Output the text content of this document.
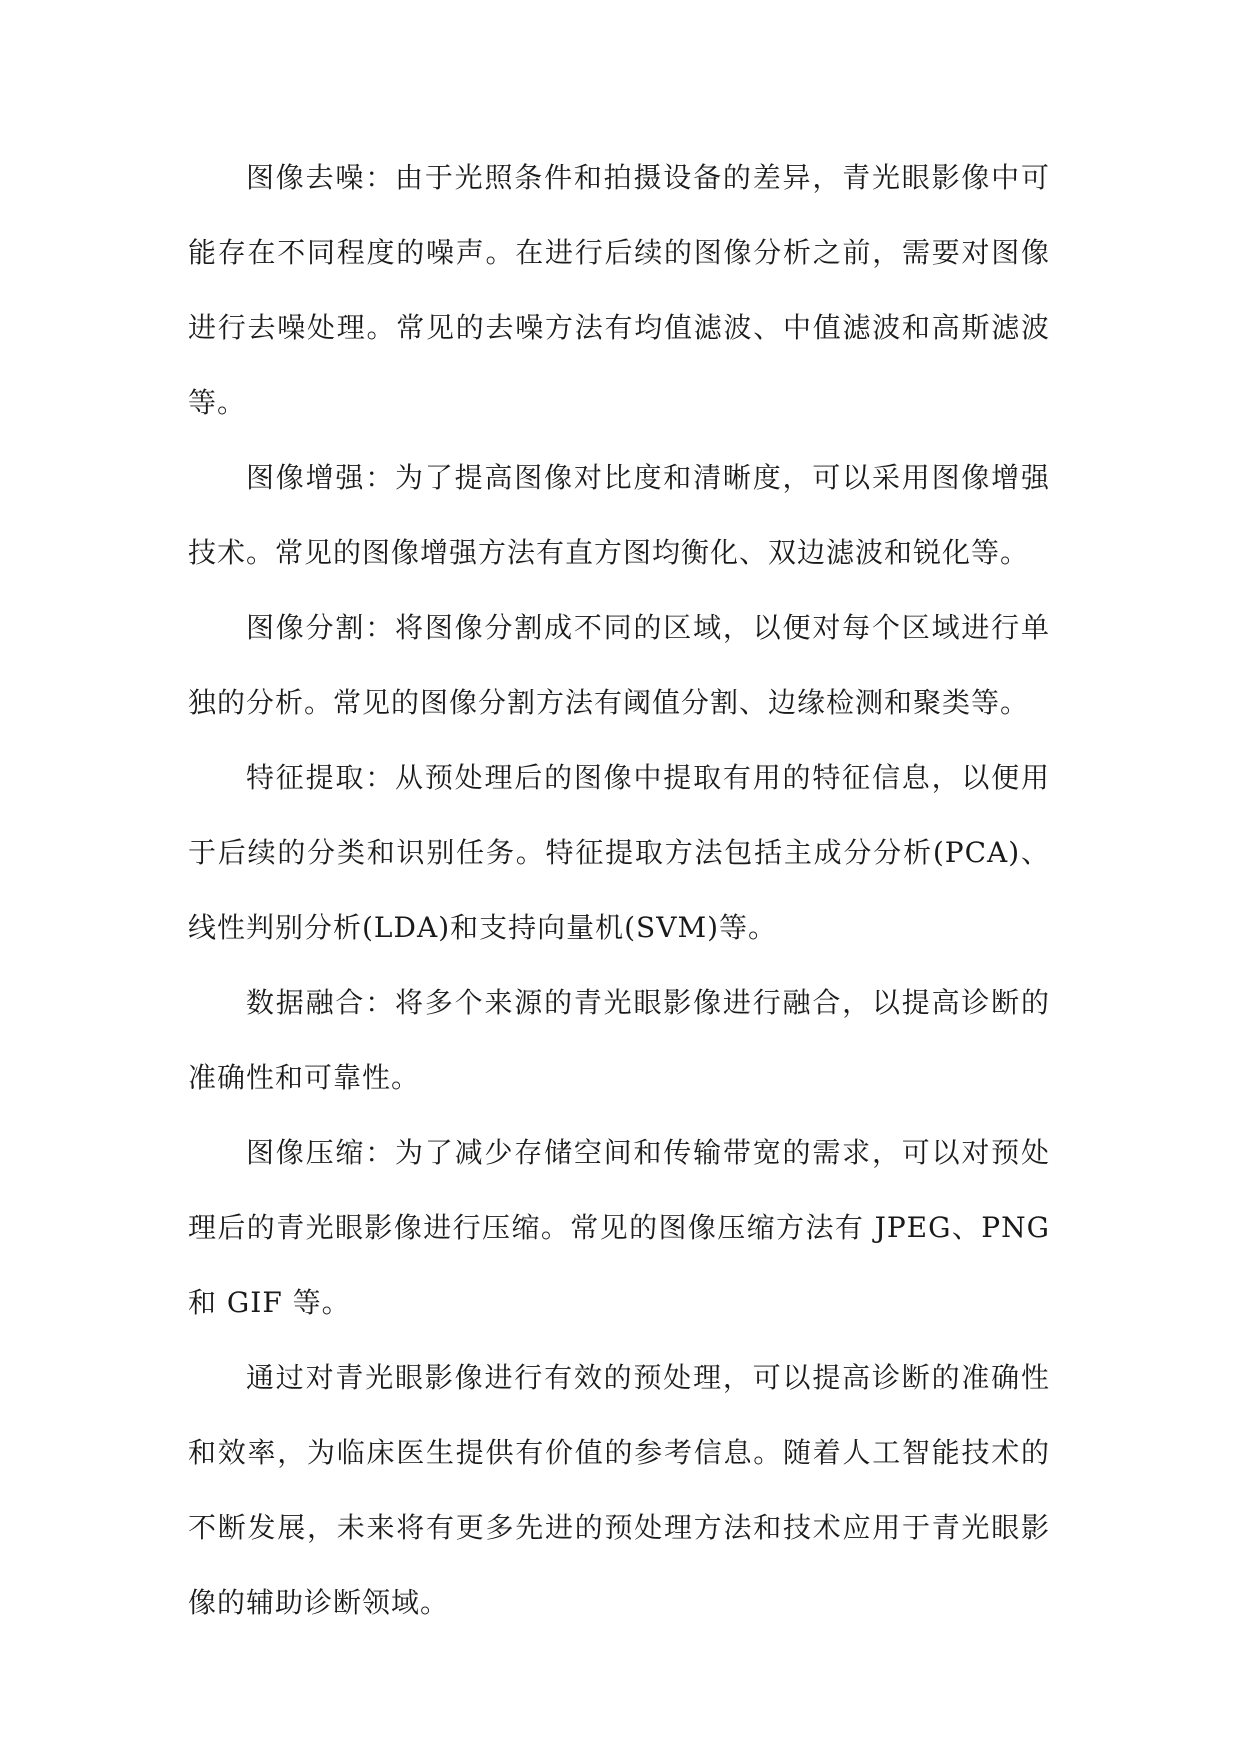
图像去噪：由于光照条件和拍摄设备的差异，青光眼影像中可能存在不同程度的噪声。在进行后续的图像分析之前，需要对图像进行去噪处理。常见的去噪方法有均值滤波、中值滤波和高斯滤波等。

图像增强：为了提高图像对比度和清晰度，可以采用图像增强技术。常见的图像增强方法有直方图均衡化、双边滤波和锐化等。

图像分割：将图像分割成不同的区域，以便对每个区域进行单独的分析。常见的图像分割方法有阈值分割、边缘检测和聚类等。

特征提取：从预处理后的图像中提取有用的特征信息，以便用于后续的分类和识别任务。特征提取方法包括主成分分析(PCA)、线性判别分析(LDA)和支持向量机(SVM)等。

数据融合：将多个来源的青光眼影像进行融合，以提高诊断的准确性和可靠性。

图像压缩：为了减少存储空间和传输带宽的需求，可以对预处理后的青光眼影像进行压缩。常见的图像压缩方法有 JPEG、PNG 和 GIF 等。

通过对青光眼影像进行有效的预处理，可以提高诊断的准确性和效率，为临床医生提供有价值的参考信息。随着人工智能技术的不断发展，未来将有更多先进的预处理方法和技术应用于青光眼影像的辅助诊断领域。
